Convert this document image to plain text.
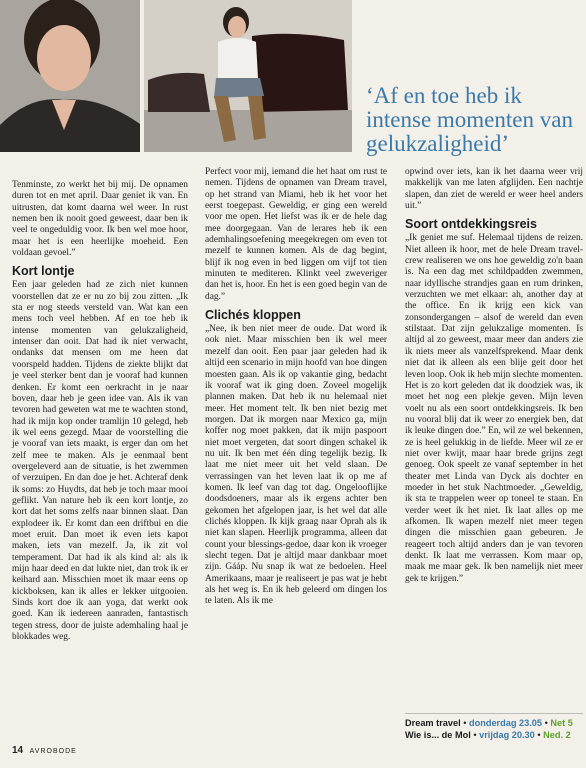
‘Af en toe heb ik intense momenten van gelukzaligheid’

Tenminste, zo werkt het bij mij. De opnamen duren tot en met april. Daar geniet ik van. En uitrusten, dat komt daarna wel weer. In rust nemen ben ik nooit goed geweest, daar ben ik veel te ongeduldig voor. Ik ben wel moe hoor, maar het is een heerlijke moeheid. Een voldaan gevoel.”

Kort lontje

Een jaar geleden had ze zich niet kunnen voorstellen dat ze er nu zo bij zou zitten. „Ik sta er nog steeds versteld van. Wat kan een mens toch veel hebben. Af en toe heb ik intense momenten van gelukzaligheid, intenser dan ooit. Dat had ik niet verwacht, ondanks dat mensen om me heen dat voorspeld hadden. Tijdens de ziekte blijkt dat je veel sterker bent dan je vooraf had kunnen denken. Er komt een oerkracht in je naar boven, daar heb je geen idee van. Als ik van tevoren had geweten wat me te wachten stond, had ik mijn kop onder tramlijn 10 gelegd, heb ik wel eens gezegd. Maar de voorstelling die je vooraf van iets maakt, is erger dan om het zelf mee te maken. Als je eenmaal bent overgeleverd aan de situatie, is het zwemmen of verzuipen. En dan doe je het. Achteraf denk ik soms: zo Huydts, dat heb je toch maar mooi geflikt. Van nature heb ik een kort lontje, zo kort dat het soms zelfs naar binnen slaat. Dan explodeer ik. Er komt dan een driftbui en die moet eruit. Dan moet ik even iets kapot maken, iets van mezelf. Ja, ik zit vol temperament. Dat had ik als kind al: als ik mijn haar deed en dat lukte niet, dan trok ik er keihard aan. Misschien moet ik maar eens op kickboksen, kan ik alles er lekker uitgooien. Sinds kort doe ik aan yoga, dat werkt ook goed. Kan ik iedereen aanraden, fantastisch tegen stress, door de juiste ademhaling haal je blokkades weg.

Perfect voor mij, iemand die het haat om rust te nemen. Tijdens de opnamen van Dream travel, op het strand van Miami, heb ik het voor het eerst toegepast. Geweldig, er ging een wereld voor me open. Het liefst was ik er de hele dag mee doorgegaan. Van de lerares heb ik een ademhalingsoefening meegekregen om even tot mezelf te kunnen komen. Als de dag begint, blijf ik nog even in bed liggen om vijf tot tien minuten te mediteren. Klinkt veel zweveriger dan het is, hoor. En het is een goed begin van de dag.”

Clichés kloppen

„Nee, ik ben niet meer de oude. Dat word ik ook niet. Maar misschien ben ik wel meer mezelf dan ooit. Een paar jaar geleden had ik altijd een scenario in mijn hoofd van hoe dingen moesten gaan. Als ik op vakantie ging, bedacht ik vooraf wat ik ging doen. Zoveel mogelijk plannen maken. Dat heb ik nu helemaal niet meer. Het moment telt. Ik ben niet bezig met morgen. Dat ik morgen naar Mexico ga, mijn koffer nog moet pakken, dat ik mijn paspoort niet moet vergeten, dat soort dingen schakel ik nu uit. Ik ben met één ding tegelijk bezig. Ik laat me niet meer uit het veld slaan. De verrassingen van het leven laat ik op me af komen. Ik leef van dag tot dag. Ongelooflijke doodsdoeners, maar als ik ergens achter ben gekomen het afgelopen jaar, is het wel dat alle clichés kloppen. Ik kijk graag naar Oprah als ik niet kan slapen. Heerlijk programma, alleen dat count your blessings-gedoe, daar kon ik vroeger slecht tegen. Dat je altijd maar dankbaar moet zijn. Gááp. Nu snap ik wat ze bedoelen. Heel Amerikaans, maar je realiseert je pas wat je hebt als het weg is. En ik heb geleerd om dingen los te laten. Als ik me

opwind over iets, kan ik het daarna weer vrij makkelijk van me laten afglijden. Een nachtje slapen, dan ziet de wereld er weer heel anders uit.”

Soort ontdekkingsreis

„Ik geniet me suf. Helemaal tijdens de reizen. Niet alleen ik hoor, met de hele Dream travel-crew realiseren we ons hoe geweldig zo'n baan is. Na een dag met schildpadden zwemmen, naar idyllische strandjes gaan en rum drinken, verzuchten we met elkaar: ah, another day at the office. En ik krijg een kick van zonsondergangen – alsof de wereld dan even stilstaat. Dat zijn gelukzalige momenten. Is altijd al zo geweest, maar meer dan anders zie ik niets meer als vanzelfsprekend. Maar denk niet dat ik alleen als een blije geit door het leven loop. Ook ik heb mijn slechte momenten. Het is zo kort geleden dat ik doodziek was, ik moet het nog een plekje geven. Mijn leven voelt nu als een soort ontdekkingsreis. Ik ben nu vooral blij dat ik weer zo energiek ben, dat ik leuke dingen doe.” En, wil ze wel bekennen, ze is heel gelukkig in de liefde. Meer wil ze er niet over kwijt, maar haar brede grijns zegt genoeg. Ook speelt ze vanaf september in het theater met Linda van Dyck als dochter en moeder in het stuk Nachtmoeder. „Geweldig, ik sta te trappelen weer op toneel te staan. En verder weet ik het niet. Ik laat alles op me afkomen. Ik wapen mezelf niet meer tegen dingen die misschien gaan gebeuren. Je reageert toch altijd anders dan je van tevoren denkt. Ik laat me verrassen. Kom maar op, maak me maar gek. Ik ben namelijk niet meer gek te krijgen.”

Dream travel • donderdag 23.05 • Net 5
Wie is... de Mol • vrijdag 20.30 • Ned. 2
14 AVROBODE
